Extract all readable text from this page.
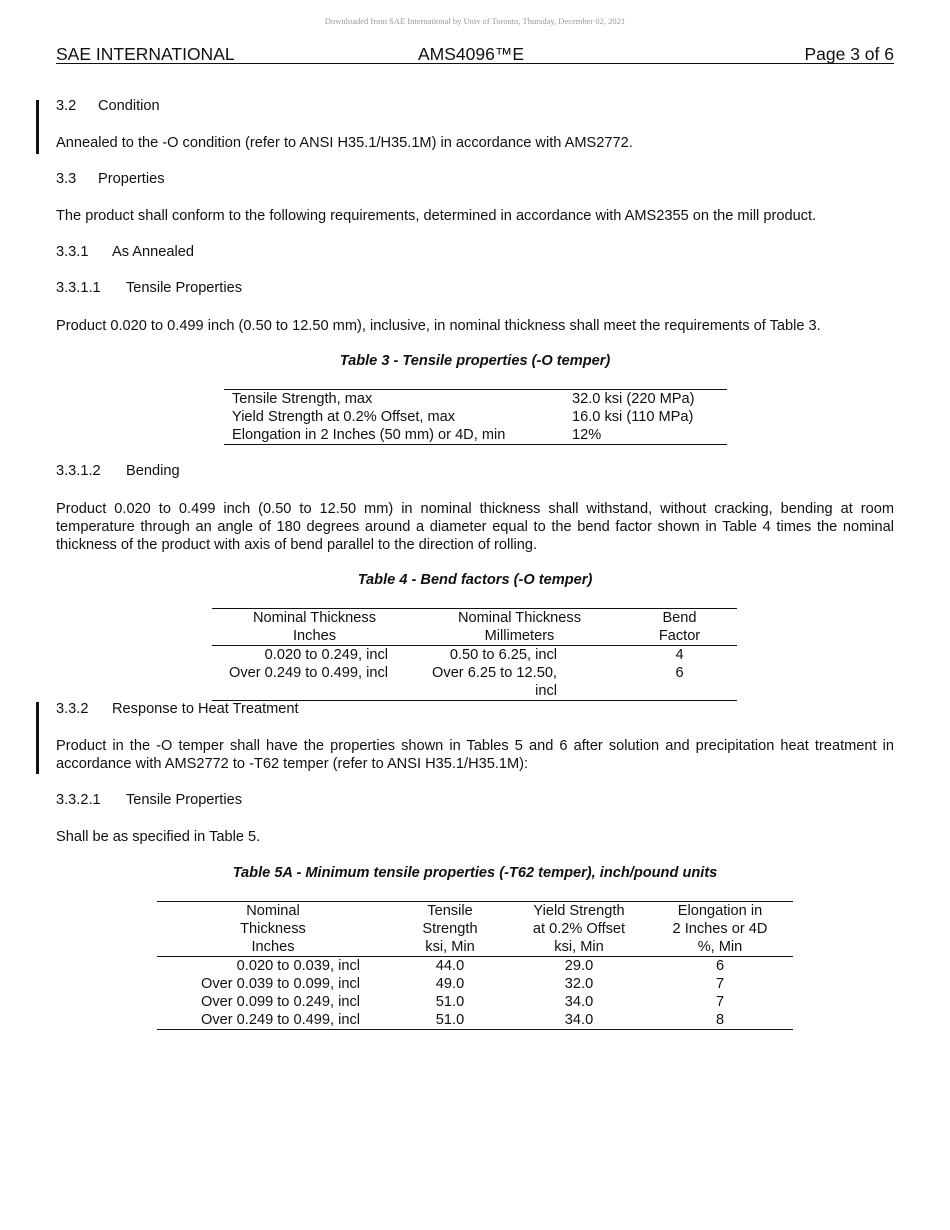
Downloaded from SAE International by Univ of Toronto, Thursday, December 02, 2021
SAE INTERNATIONAL	AMS4096™E	Page 3 of 6
3.2 Condition
Annealed to the -O condition (refer to ANSI H35.1/H35.1M) in accordance with AMS2772.
3.3 Properties
The product shall conform to the following requirements, determined in accordance with AMS2355 on the mill product.
3.3.1 As Annealed
3.3.1.1 Tensile Properties
Product 0.020 to 0.499 inch (0.50 to 12.50 mm), inclusive, in nominal thickness shall meet the requirements of Table 3.
Table 3 - Tensile properties (-O temper)
Tensile Strength, max	32.0 ksi (220 MPa)
Yield Strength at 0.2% Offset, max	16.0 ksi (110 MPa)
Elongation in 2 Inches (50 mm) or 4D, min	12%
3.3.1.2 Bending
Product 0.020 to 0.499 inch (0.50 to 12.50 mm) in nominal thickness shall withstand, without cracking, bending at room temperature through an angle of 180 degrees around a diameter equal to the bend factor shown in Table 4 times the nominal thickness of the product with axis of bend parallel to the direction of rolling.
Table 4 - Bend factors (-O temper)
Nominal Thickness	Nominal Thickness	Bend
Inches	Millimeters	Factor
0.020 to 0.249, incl	0.50 to 6.25, incl	4
Over 0.249 to 0.499, incl	Over 6.25 to 12.50, incl	6
3.3.2 Response to Heat Treatment
Product in the -O temper shall have the properties shown in Tables 5 and 6 after solution and precipitation heat treatment in accordance with AMS2772 to -T62 temper (refer to ANSI H35.1/H35.1M):
3.3.2.1 Tensile Properties
Shall be as specified in Table 5.
Table 5A - Minimum tensile properties (-T62 temper), inch/pound units
Nominal	Tensile	Yield Strength	Elongation in
Thickness	Strength	at 0.2% Offset	2 Inches or 4D
Inches	ksi, Min	ksi, Min	%, Min
0.020 to 0.039, incl	44.0	29.0	6
Over 0.039 to 0.099, incl	49.0	32.0	7
Over 0.099 to 0.249, incl	51.0	34.0	7
Over 0.249 to 0.499, incl	51.0	34.0	8
